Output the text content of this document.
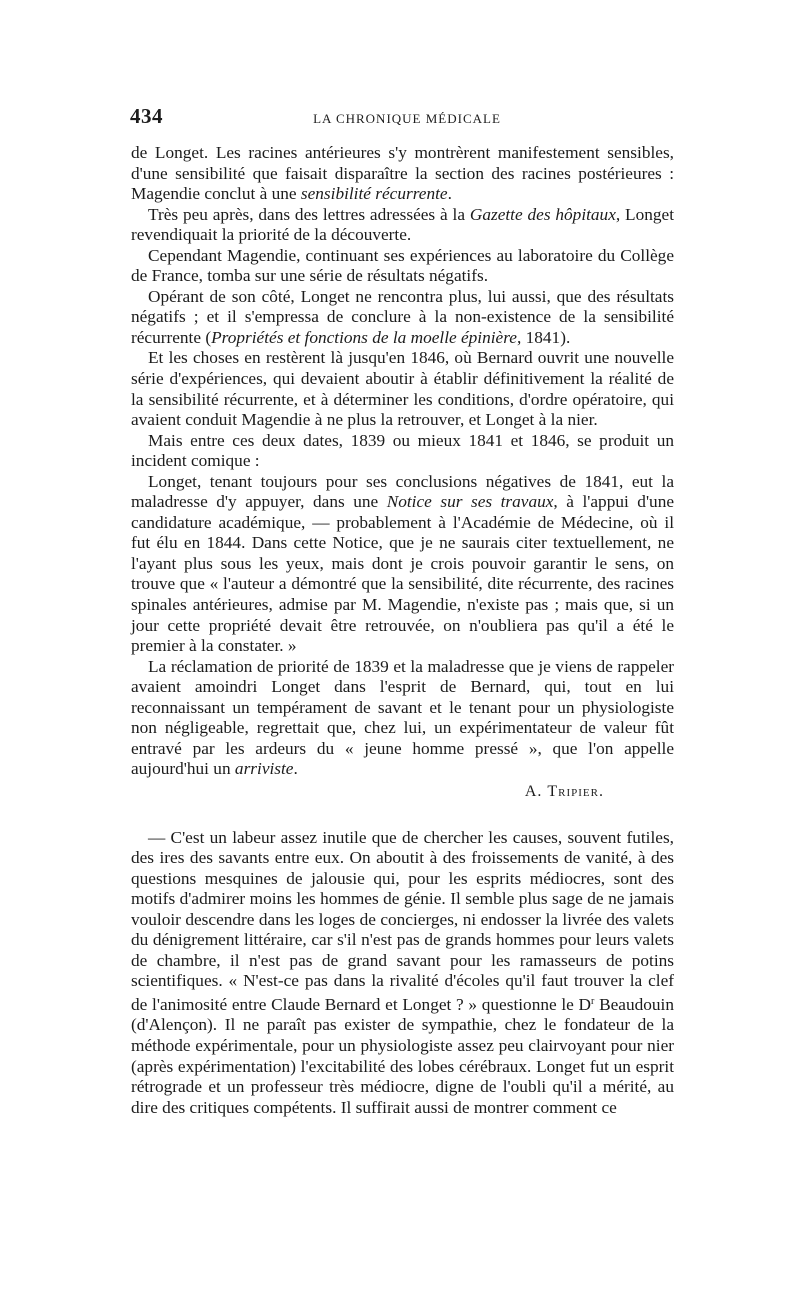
434	LA CHRONIQUE MÉDICALE

de Longet. Les racines antérieures s'y montrèrent manifestement sensibles, d'une sensibilité que faisait disparaître la section des racines postérieures : Magendie conclut à une sensibilité récurrente.

Très peu après, dans des lettres adressées à la Gazette des hôpitaux, Longet revendiquait la priorité de la découverte.

Cependant Magendie, continuant ses expériences au laboratoire du Collège de France, tomba sur une série de résultats négatifs.

Opérant de son côté, Longet ne rencontra plus, lui aussi, que des résultats négatifs ; et il s'empressa de conclure à la non-existence de la sensibilité récurrente (Propriétés et fonctions de la moelle épinière, 1841).

Et les choses en restèrent là jusqu'en 1846, où Bernard ouvrit une nouvelle série d'expériences, qui devaient aboutir à établir définitivement la réalité de la sensibilité récurrente, et à déterminer les conditions, d'ordre opératoire, qui avaient conduit Magendie à ne plus la retrouver, et Longet à la nier.

Mais entre ces deux dates, 1839 ou mieux 1841 et 1846, se produit un incident comique :

Longet, tenant toujours pour ses conclusions négatives de 1841, eut la maladresse d'y appuyer, dans une Notice sur ses travaux, à l'appui d'une candidature académique, — probablement à l'Académie de Médecine, où il fut élu en 1844. Dans cette Notice, que je ne saurais citer textuellement, ne l'ayant plus sous les yeux, mais dont je crois pouvoir garantir le sens, on trouve que « l'auteur a démontré que la sensibilité, dite récurrente, des racines spinales antérieures, admise par M. Magendie, n'existe pas ; mais que, si un jour cette propriété devait être retrouvée, on n'oubliera pas qu'il a été le premier à la constater. »

La réclamation de priorité de 1839 et la maladresse que je viens de rappeler avaient amoindri Longet dans l'esprit de Bernard, qui, tout en lui reconnaissant un tempérament de savant et le tenant pour un physiologiste non négligeable, regrettait que, chez lui, un expérimentateur de valeur fût entravé par les ardeurs du « jeune homme pressé », que l'on appelle aujourd'hui un arriviste.

A. Tripier.

— C'est un labeur assez inutile que de chercher les causes, souvent futiles, des ires des savants entre eux. On aboutit à des froissements de vanité, à des questions mesquines de jalousie qui, pour les esprits médiocres, sont des motifs d'admirer moins les hommes de génie. Il semble plus sage de ne jamais vouloir descendre dans les loges de concierges, ni endosser la livrée des valets du dénigrement littéraire, car s'il n'est pas de grands hommes pour leurs valets de chambre, il n'est pas de grand savant pour les ramasseurs de potins scientifiques. « N'est-ce pas dans la rivalité d'écoles qu'il faut trouver la clef de l'animosité entre Claude Bernard et Longet ? » questionne le $D^r$ Beaudouin (d'Alençon). Il ne paraît pas exister de sympathie, chez le fondateur de la méthode expérimentale, pour un physiologiste assez peu clairvoyant pour nier (après expérimentation) l'excitabilité des lobes cérébraux. Longet fut un esprit rétrograde et un professeur très médiocre, digne de l'oubli qu'il a mérité, au dire des critiques compétents. Il suffirait aussi de montrer comment ce
